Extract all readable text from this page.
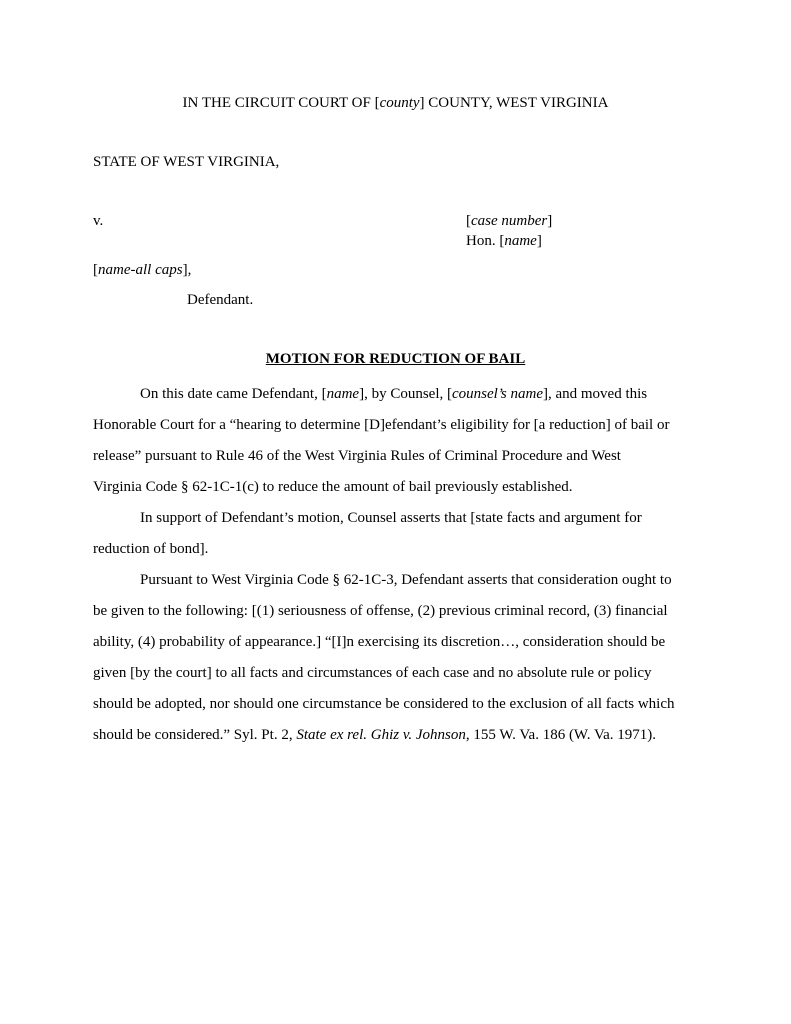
IN THE CIRCUIT COURT OF [county] COUNTY, WEST VIRGINIA
STATE OF WEST VIRGINIA,
v.	[case number]
Hon. [name]
[name-all caps],
Defendant.
MOTION FOR REDUCTION OF BAIL
On this date came Defendant, [name], by Counsel, [counsel’s name], and moved this
Honorable Court for a “hearing to determine [D]efendant’s eligibility for [a reduction] of bail or
release” pursuant to Rule 46 of the West Virginia Rules of Criminal Procedure and West
Virginia Code § 62-1C-1(c) to reduce the amount of bail previously established.
In support of Defendant’s motion, Counsel asserts that [state facts and argument for
reduction of bond].
Pursuant to West Virginia Code § 62-1C-3, Defendant asserts that consideration ought to
be given to the following: [(1) seriousness of offense, (2) previous criminal record, (3) financial
ability, (4) probability of appearance.] “[I]n exercising its discretion…, consideration should be
given [by the court] to all facts and circumstances of each case and no absolute rule or policy
should be adopted, nor should one circumstance be considered to the exclusion of all facts which
should be considered.” Syl. Pt. 2, State ex rel. Ghiz v. Johnson, 155 W. Va. 186 (W. Va. 1971).
